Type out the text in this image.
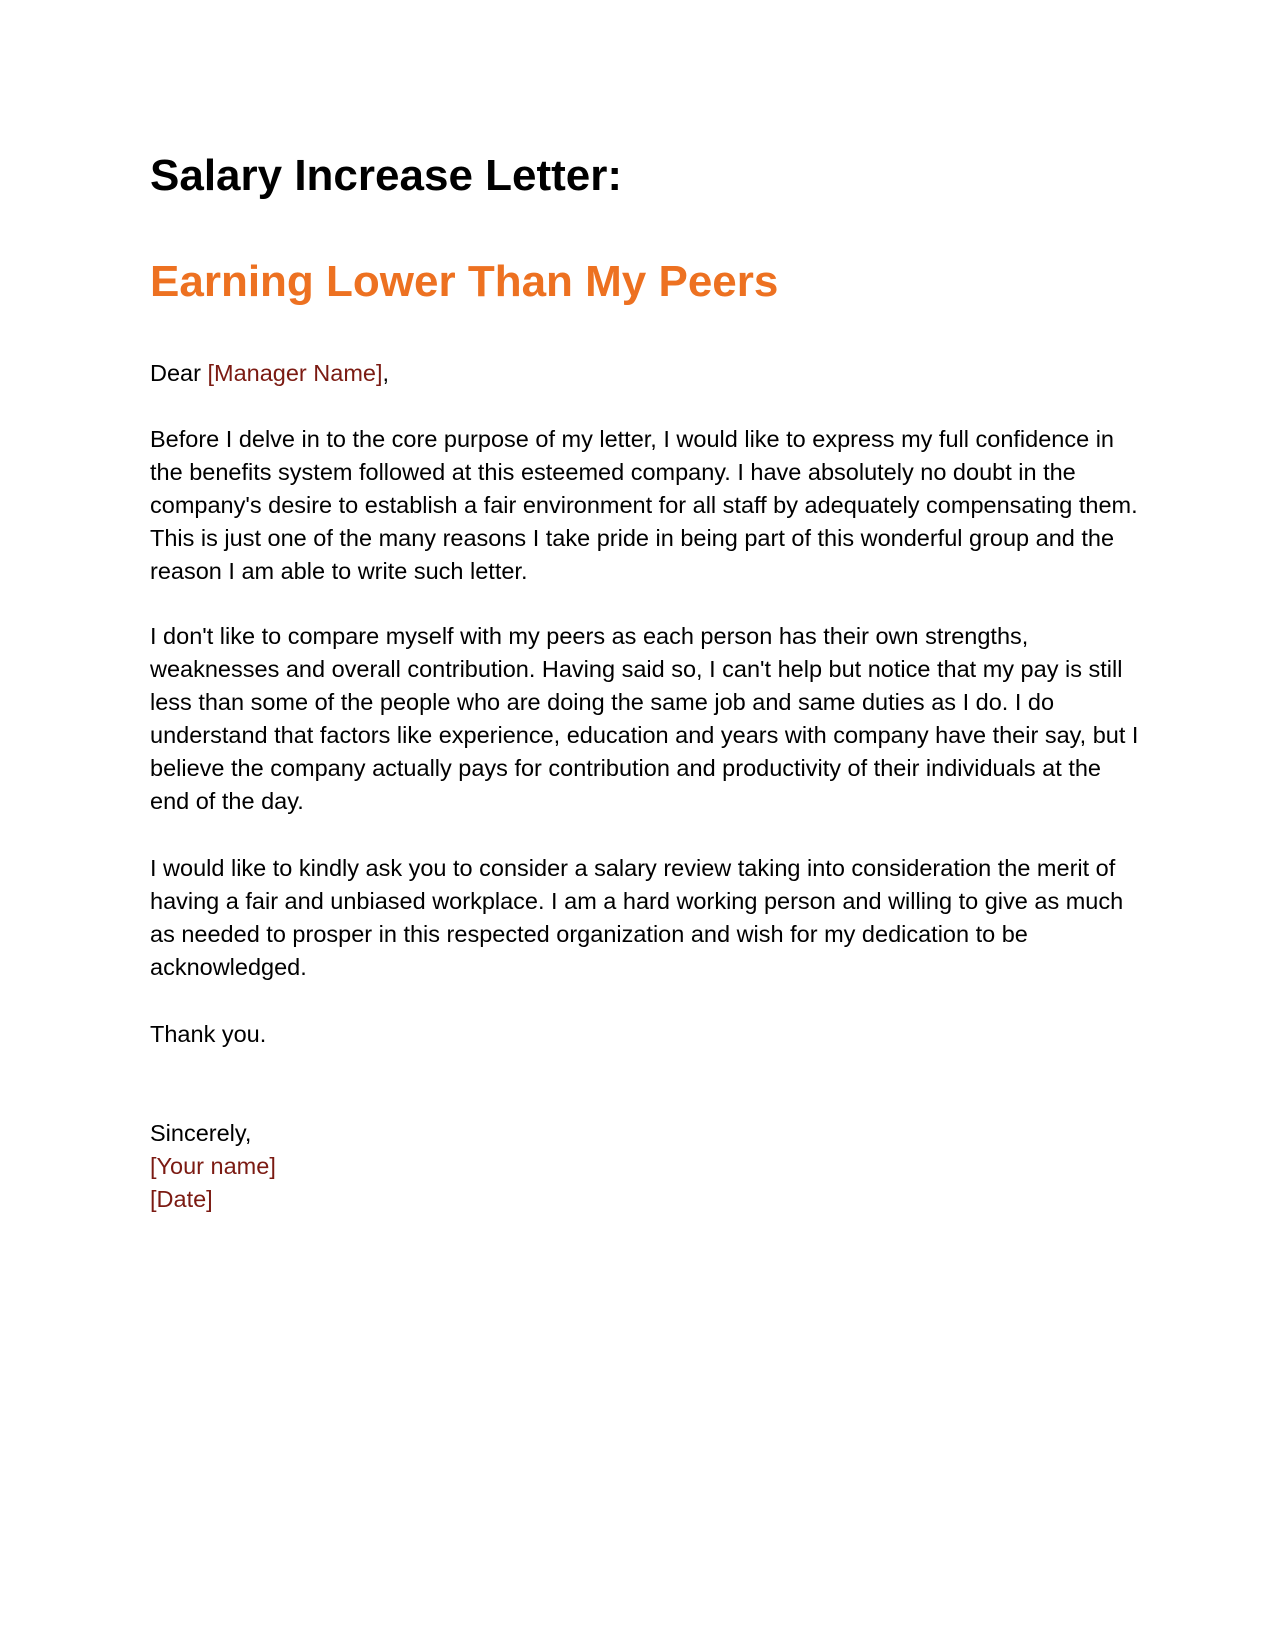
Salary Increase Letter:
Earning Lower Than My Peers

Dear [Manager Name],

Before I delve in to the core purpose of my letter, I would like to express my full confidence in the benefits system followed at this esteemed company. I have absolutely no doubt in the company's desire to establish a fair environment for all staff by adequately compensating them. This is just one of the many reasons I take pride in being part of this wonderful group and the reason I am able to write such letter.

I don't like to compare myself with my peers as each person has their own strengths, weaknesses and overall contribution. Having said so, I can't help but notice that my pay is still less than some of the people who are doing the same job and same duties as I do. I do understand that factors like experience, education and years with company have their say, but I believe the company actually pays for contribution and productivity of their individuals at the end of the day.

I would like to kindly ask you to consider a salary review taking into consideration the merit of having a fair and unbiased workplace. I am a hard working person and willing to give as much as needed to prosper in this respected organization and wish for my dedication to be acknowledged.

Thank you.

Sincerely,
[Your name]
[Date]
